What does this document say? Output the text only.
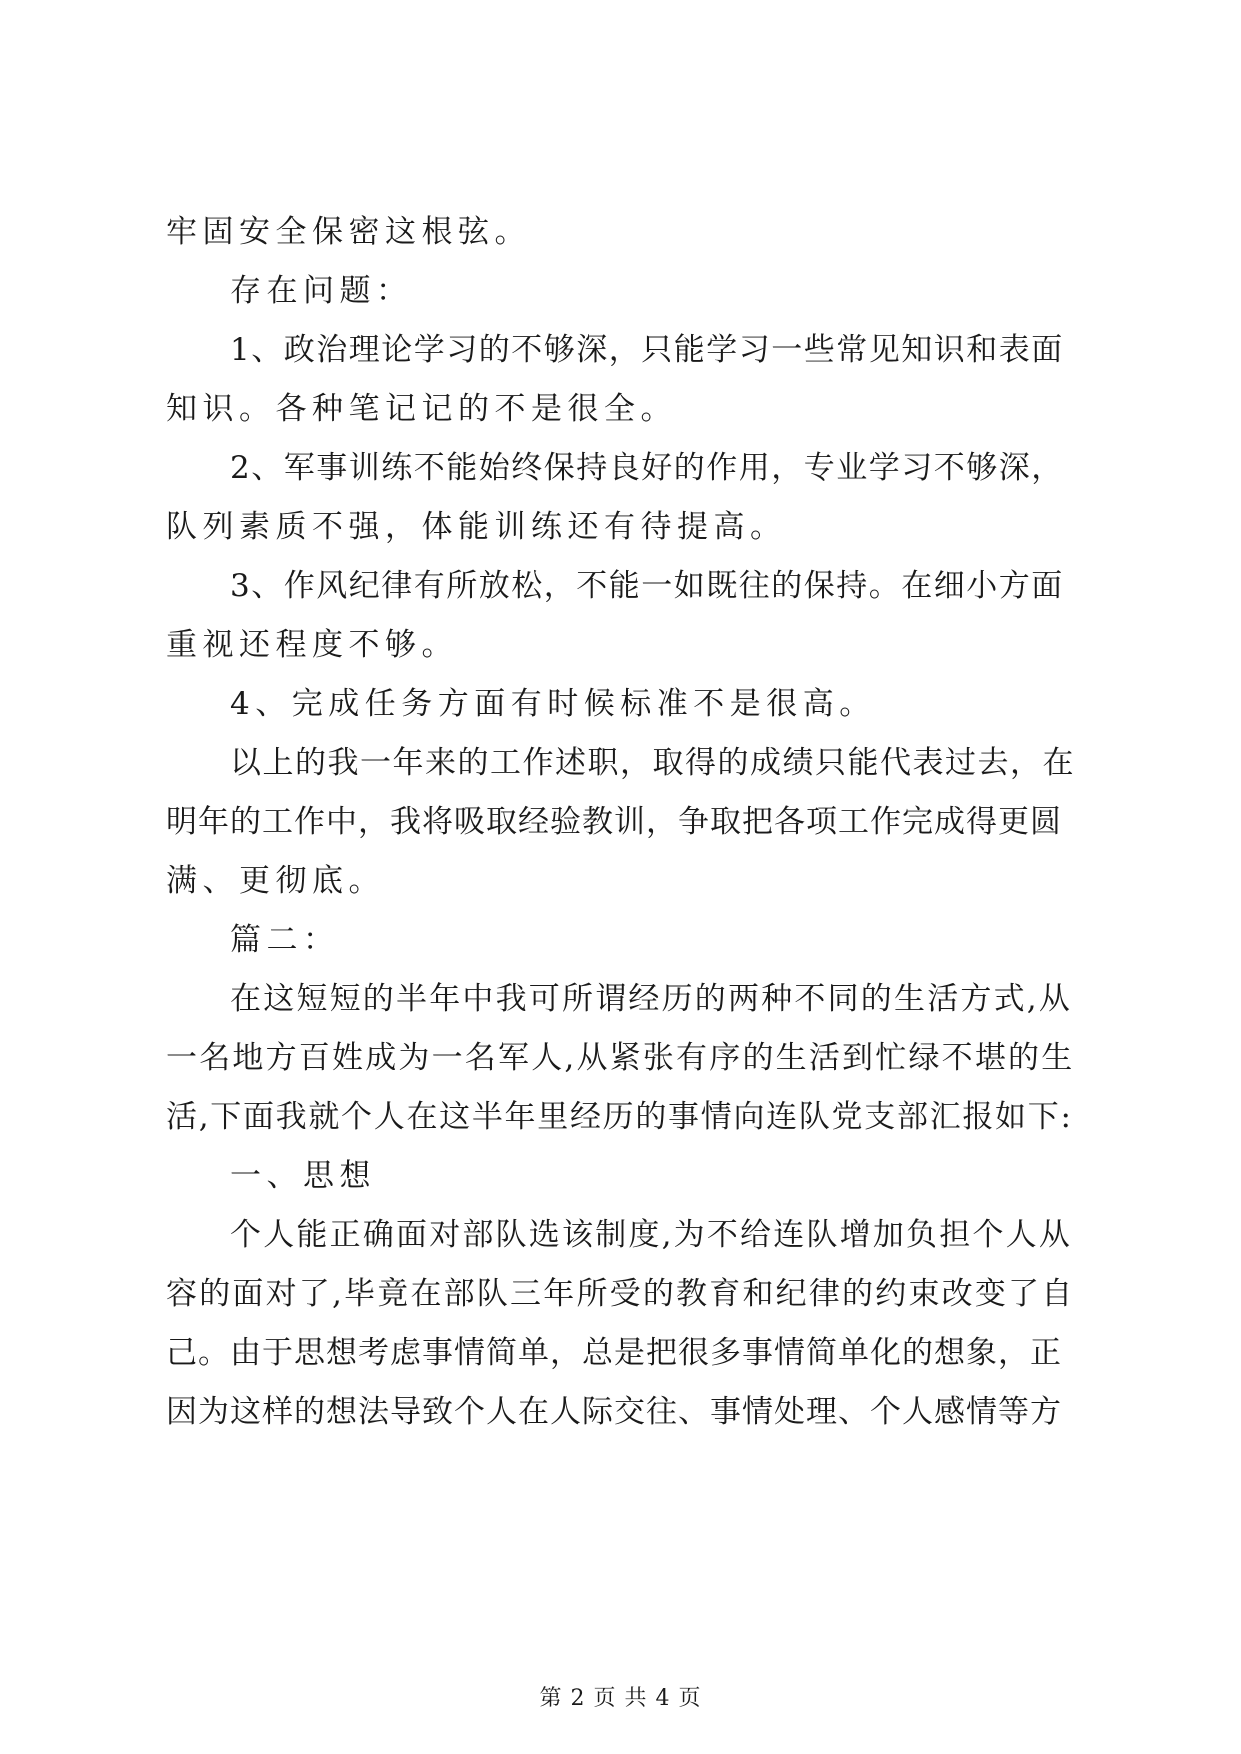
牢固安全保密这根弦。
存在问题：
1、政治理论学习的不够深，只能学习一些常见知识和表面
知识。各种笔记记的不是很全。
2、军事训练不能始终保持良好的作用，专业学习不够深，
队列素质不强，体能训练还有待提高。
3、作风纪律有所放松，不能一如既往的保持。在细小方面
重视还程度不够。
4、完成任务方面有时候标准不是很高。
以上的我一年来的工作述职，取得的成绩只能代表过去，在
明年的工作中，我将吸取经验教训，争取把各项工作完成得更圆
满、更彻底。
篇二：
在这短短的半年中我可所谓经历的两种不同的生活方式,从
一名地方百姓成为一名军人,从紧张有序的生活到忙绿不堪的生
活,下面我就个人在这半年里经历的事情向连队党支部汇报如下:
一、思想
个人能正确面对部队选该制度,为不给连队增加负担个人从
容的面对了,毕竟在部队三年所受的教育和纪律的约束改变了自
己。由于思想考虑事情简单，总是把很多事情简单化的想象，正
因为这样的想法导致个人在人际交往、事情处理、个人感情等方
第 2 页 共 4 页
